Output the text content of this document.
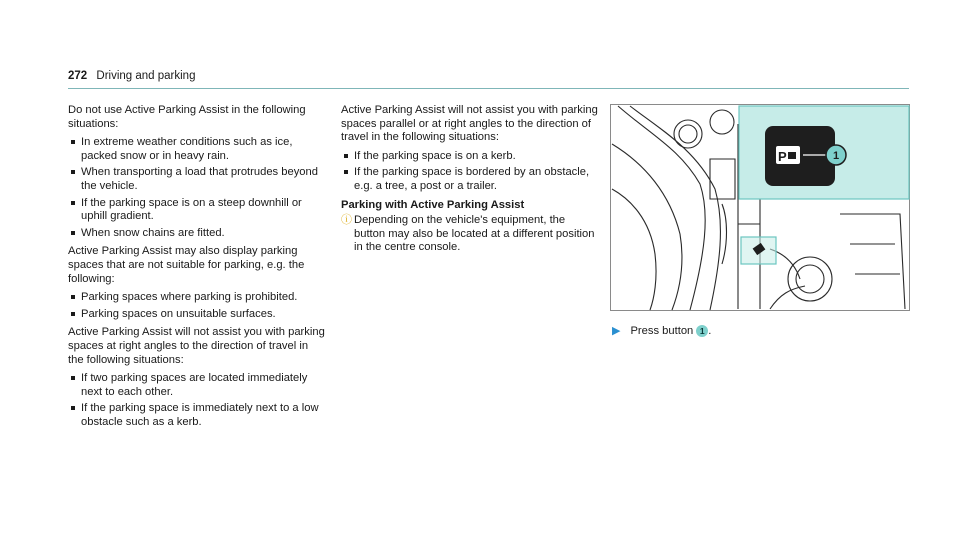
272 Driving and parking

Do not use Active Parking Assist in the following situations:

In extreme weather conditions such as ice, packed snow or in heavy rain.
When transporting a load that protrudes beyond the vehicle.
If the parking space is on a steep downhill or uphill gradient.
When snow chains are fitted.

Active Parking Assist may also display parking spaces that are not suitable for parking, e.g. the following:

Parking spaces where parking is prohibited.
Parking spaces on unsuitable surfaces.

Active Parking Assist will not assist you with parking spaces at right angles to the direction of travel in the following situations:

If two parking spaces are located immediately next to each other.
If the parking space is immediately next to a low obstacle such as a kerb.

Active Parking Assist will not assist you with parking spaces parallel or at right angles to the direction of travel in the following situations:

If the parking space is on a kerb.
If the parking space is bordered by an obstacle, e.g. a tree, a post or a trailer.
Parking with Active Parking Assist
ⓘ Depending on the vehicle's equipment, the button may also be located at a different position in the centre console.
P	1
▶ Press button 1 .
